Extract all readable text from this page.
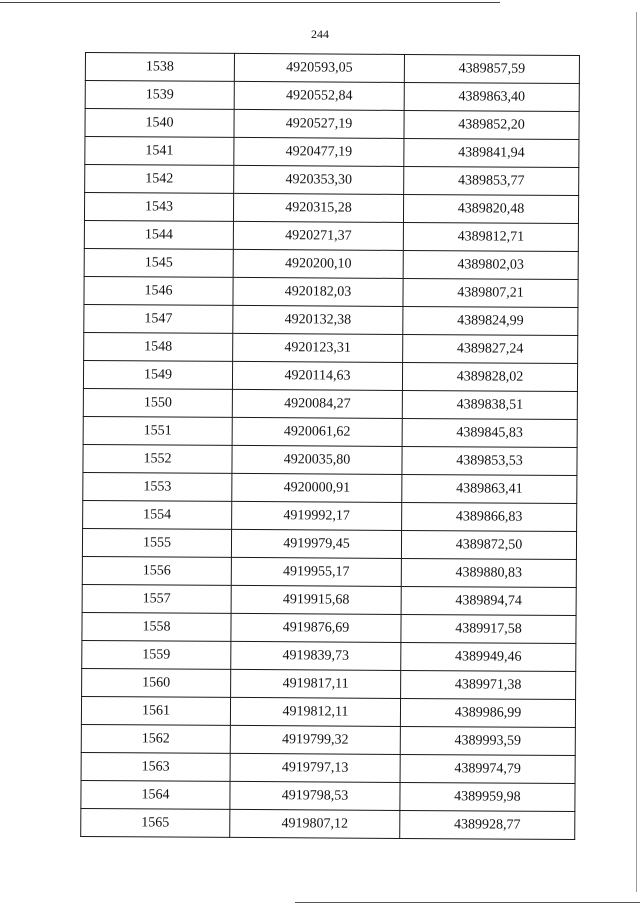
244
1538	4920593,05	4389857,59
1539	4920552,84	4389863,40
1540	4920527,19	4389852,20
1541	4920477,19	4389841,94
1542	4920353,30	4389853,77
1543	4920315,28	4389820,48
1544	4920271,37	4389812,71
1545	4920200,10	4389802,03
1546	4920182,03	4389807,21
1547	4920132,38	4389824,99
1548	4920123,31	4389827,24
1549	4920114,63	4389828,02
1550	4920084,27	4389838,51
1551	4920061,62	4389845,83
1552	4920035,80	4389853,53
1553	4920000,91	4389863,41
1554	4919992,17	4389866,83
1555	4919979,45	4389872,50
1556	4919955,17	4389880,83
1557	4919915,68	4389894,74
1558	4919876,69	4389917,58
1559	4919839,73	4389949,46
1560	4919817,11	4389971,38
1561	4919812,11	4389986,99
1562	4919799,32	4389993,59
1563	4919797,13	4389974,79
1564	4919798,53	4389959,98
1565	4919807,12	4389928,77
